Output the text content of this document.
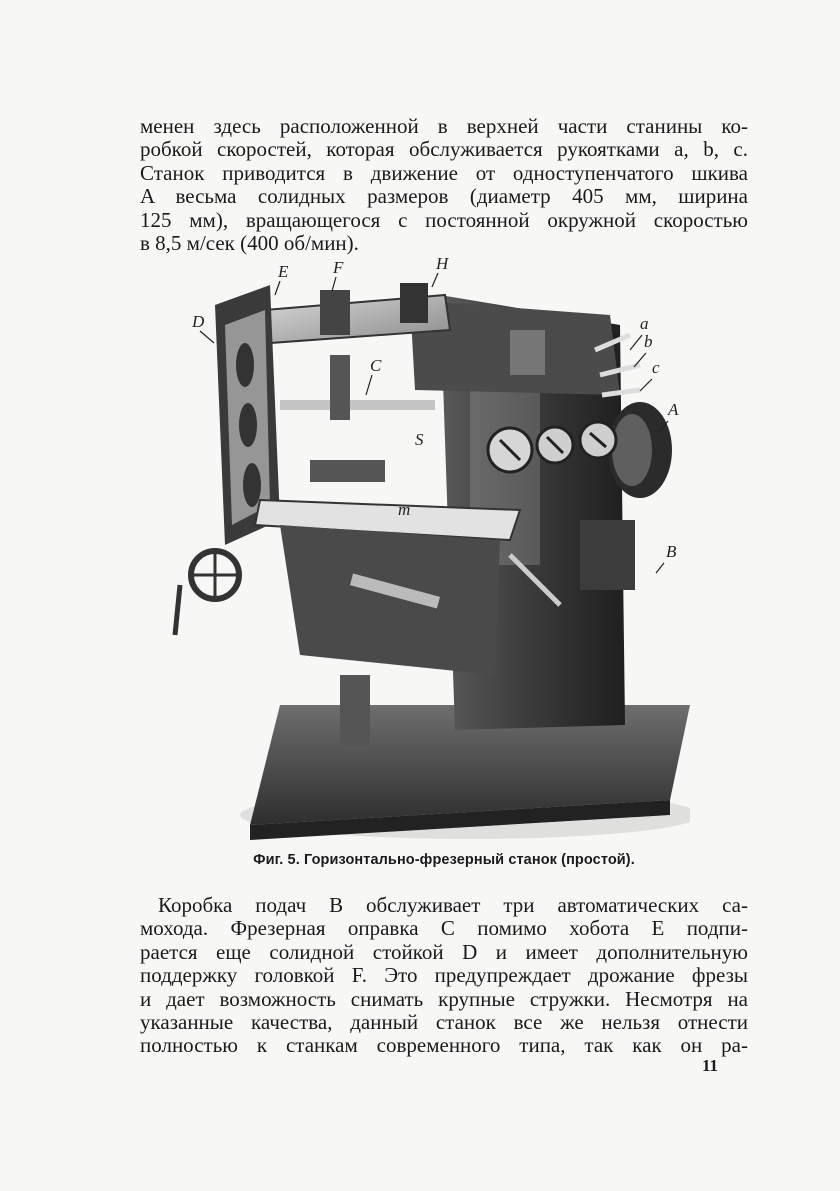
менен здесь расположенной в верхней части станины ко-
робкой скоростей, которая обслуживается рукоятками a, b, c.
Станок приводится в движение от одноступенчатого шкива
A весьма солидных размеров (диаметр 405 мм, ширина
125 мм), вращающегося с постоянной окружной скоростью
в 8,5 м/сек (400 об/мин).

E	F	H
D	a
b
c
C
A
B
S
m
Фиг. 5. Горизонтально-фрезерный станок (простой).

Коробка подач B обслуживает три автоматических са-
мохода. Фрезерная оправка C помимо хобота E подпи-
рается еще солидной стойкой D и имеет дополнительную
поддержку головкой F. Это предупреждает дрожание фрезы
и дает возможность снимать крупные стружки. Несмотря на
указанные качества, данный станок все же нельзя отнести
полностью к станкам современного типа, так как он ра-

11
